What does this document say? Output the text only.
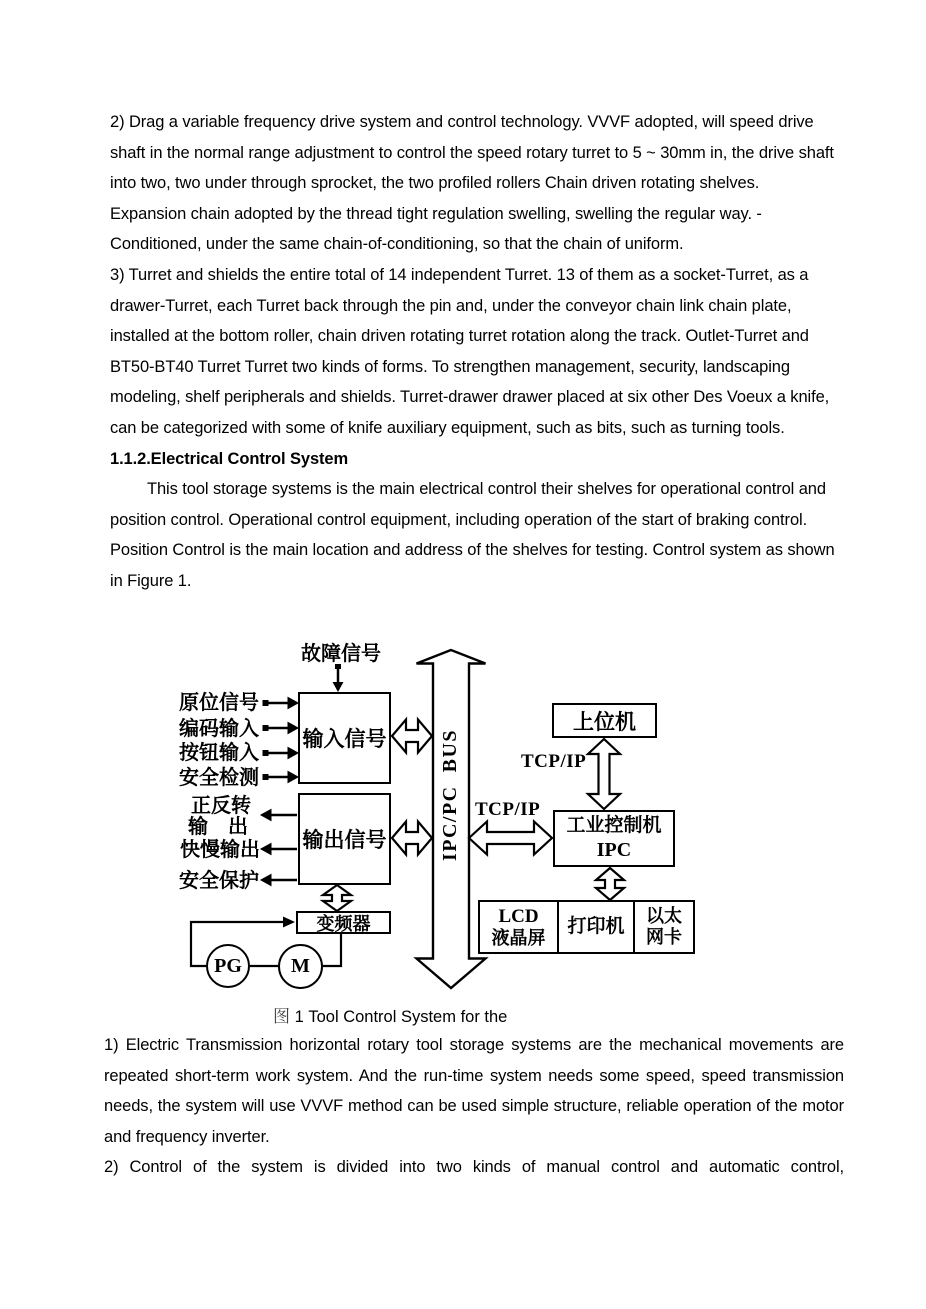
2) Drag a variable frequency drive system and control technology. VVVF adopted, will speed drive shaft in the normal range adjustment to control the speed rotary turret to 5 ~ 30mm in, the drive shaft into two, two under through sprocket, the two profiled rollers Chain driven rotating shelves. Expansion chain adopted by the thread tight regulation swelling, swelling the regular way. - Conditioned, under the same chain-of-conditioning, so that the chain of uniform.

3) Turret and shields the entire total of 14 independent Turret. 13 of them as a socket-Turret, as a drawer-Turret, each Turret back through the pin and, under the conveyor chain link chain plate, installed at the bottom roller, chain driven rotating turret rotation along the track. Outlet-Turret and BT50-BT40 Turret Turret two kinds of forms. To strengthen management, security, landscaping modeling, shelf peripherals and shields. Turret-drawer drawer placed at six other Des Voeux a knife, can be categorized with some of knife auxiliary equipment, such as bits, such as turning tools.

1.1.2.Electrical Control System

This tool storage systems is the main electrical control their shelves for operational control and position control. Operational control equipment, including operation of the start of braking control. Position Control is the main location and address of the shelves for testing. Control system as shown in Figure 1.

故障信号
原位信号
编码输入
按钮输入
安全检测
正反转
输　出
快慢输出
安全保护
IPC/PC  BUS	TCP/IP
TCP/IP
输入信号
输出信号
变频器
上位机
工业控制机
IPC
LCD
液晶屏
打印机	以太
网卡
PG	M
图 1 Tool Control System for the

1) Electric Transmission horizontal rotary tool storage systems are the mechanical movements are repeated short-term work system. And the run-time system needs some speed, speed transmission needs, the system will use VVVF method can be used simple structure, reliable operation of the motor and frequency inverter.

2) Control of the system is divided into two kinds of manual control and automatic control,
